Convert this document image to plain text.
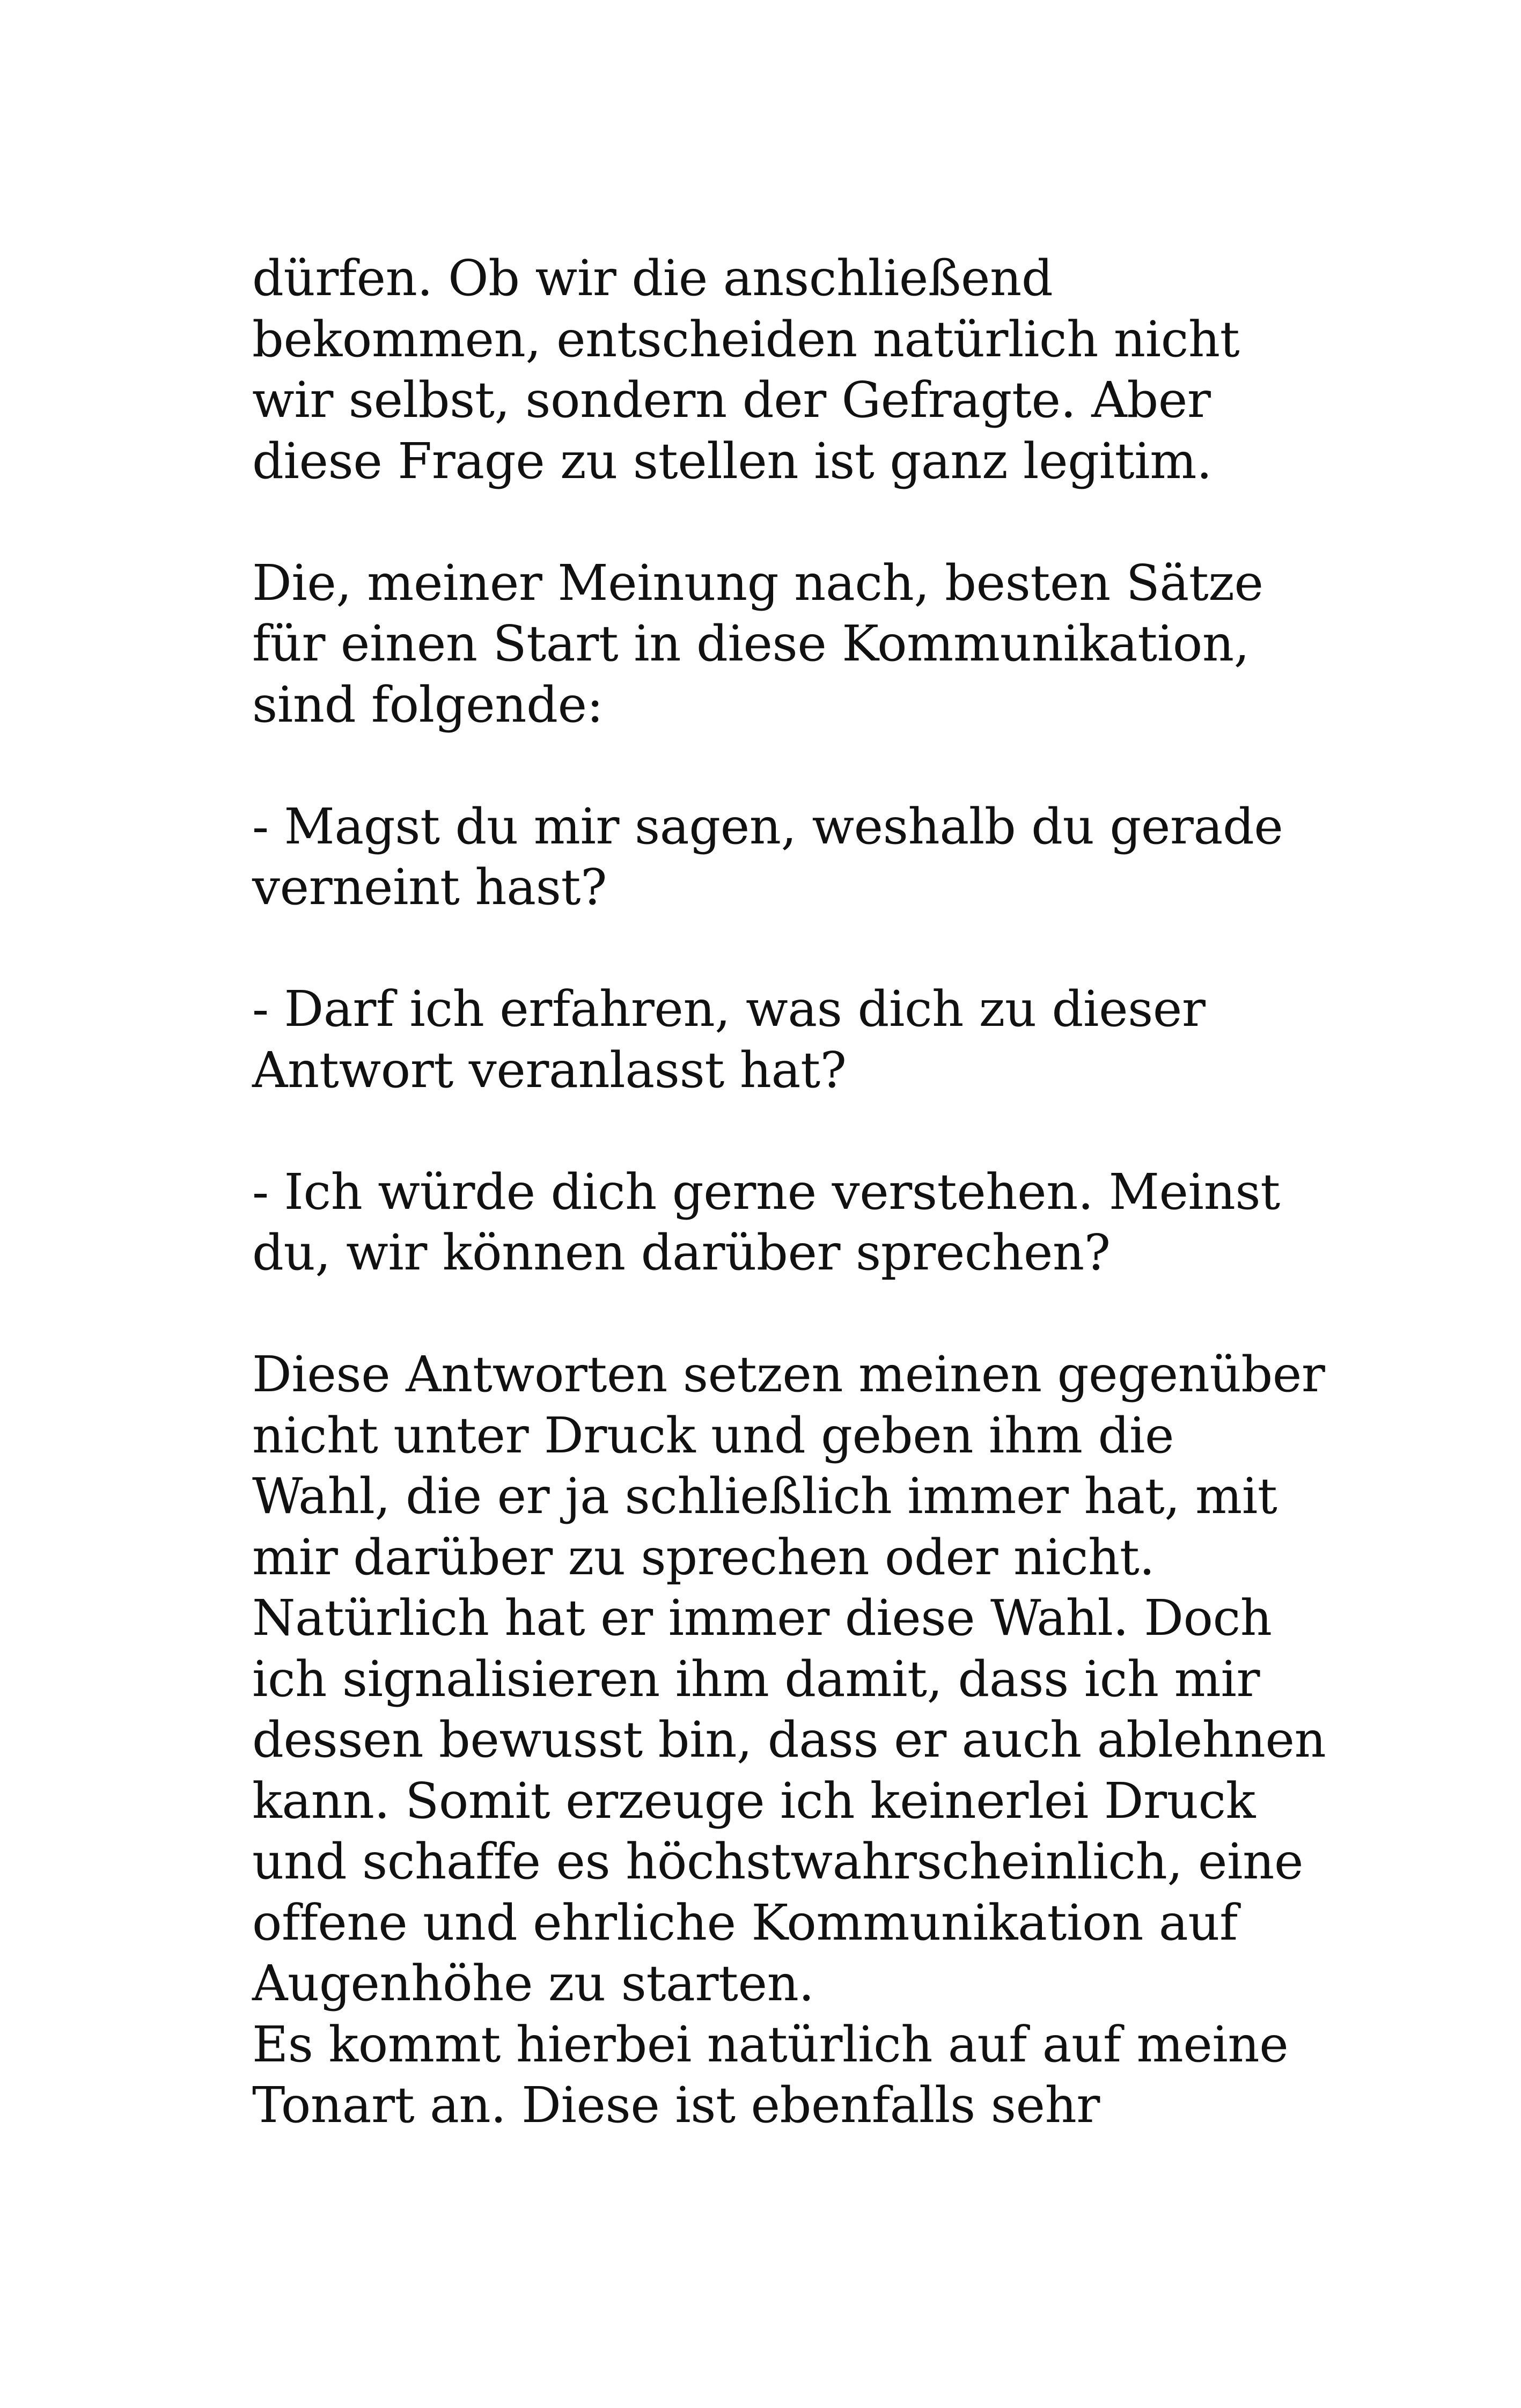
dürfen. Ob wir die anschließend
bekommen, entscheiden natürlich nicht
wir selbst, sondern der Gefragte. Aber
diese Frage zu stellen ist ganz legitim.
Die, meiner Meinung nach, besten Sätze
für einen Start in diese Kommunikation,
sind folgende:
- Magst du mir sagen, weshalb du gerade
verneint hast?
- Darf ich erfahren, was dich zu dieser
Antwort veranlasst hat?
- Ich würde dich gerne verstehen. Meinst
du, wir können darüber sprechen?
Diese Antworten setzen meinen gegenüber
nicht unter Druck und geben ihm die
Wahl, die er ja schließlich immer hat, mit
mir darüber zu sprechen oder nicht.
Natürlich hat er immer diese Wahl. Doch
ich signalisieren ihm damit, dass ich mir
dessen bewusst bin, dass er auch ablehnen
kann. Somit erzeuge ich keinerlei Druck
und schaffe es höchstwahrscheinlich, eine
offene und ehrliche Kommunikation auf
Augenhöhe zu starten.
Es kommt hierbei natürlich auf auf meine
Tonart an. Diese ist ebenfalls sehr
